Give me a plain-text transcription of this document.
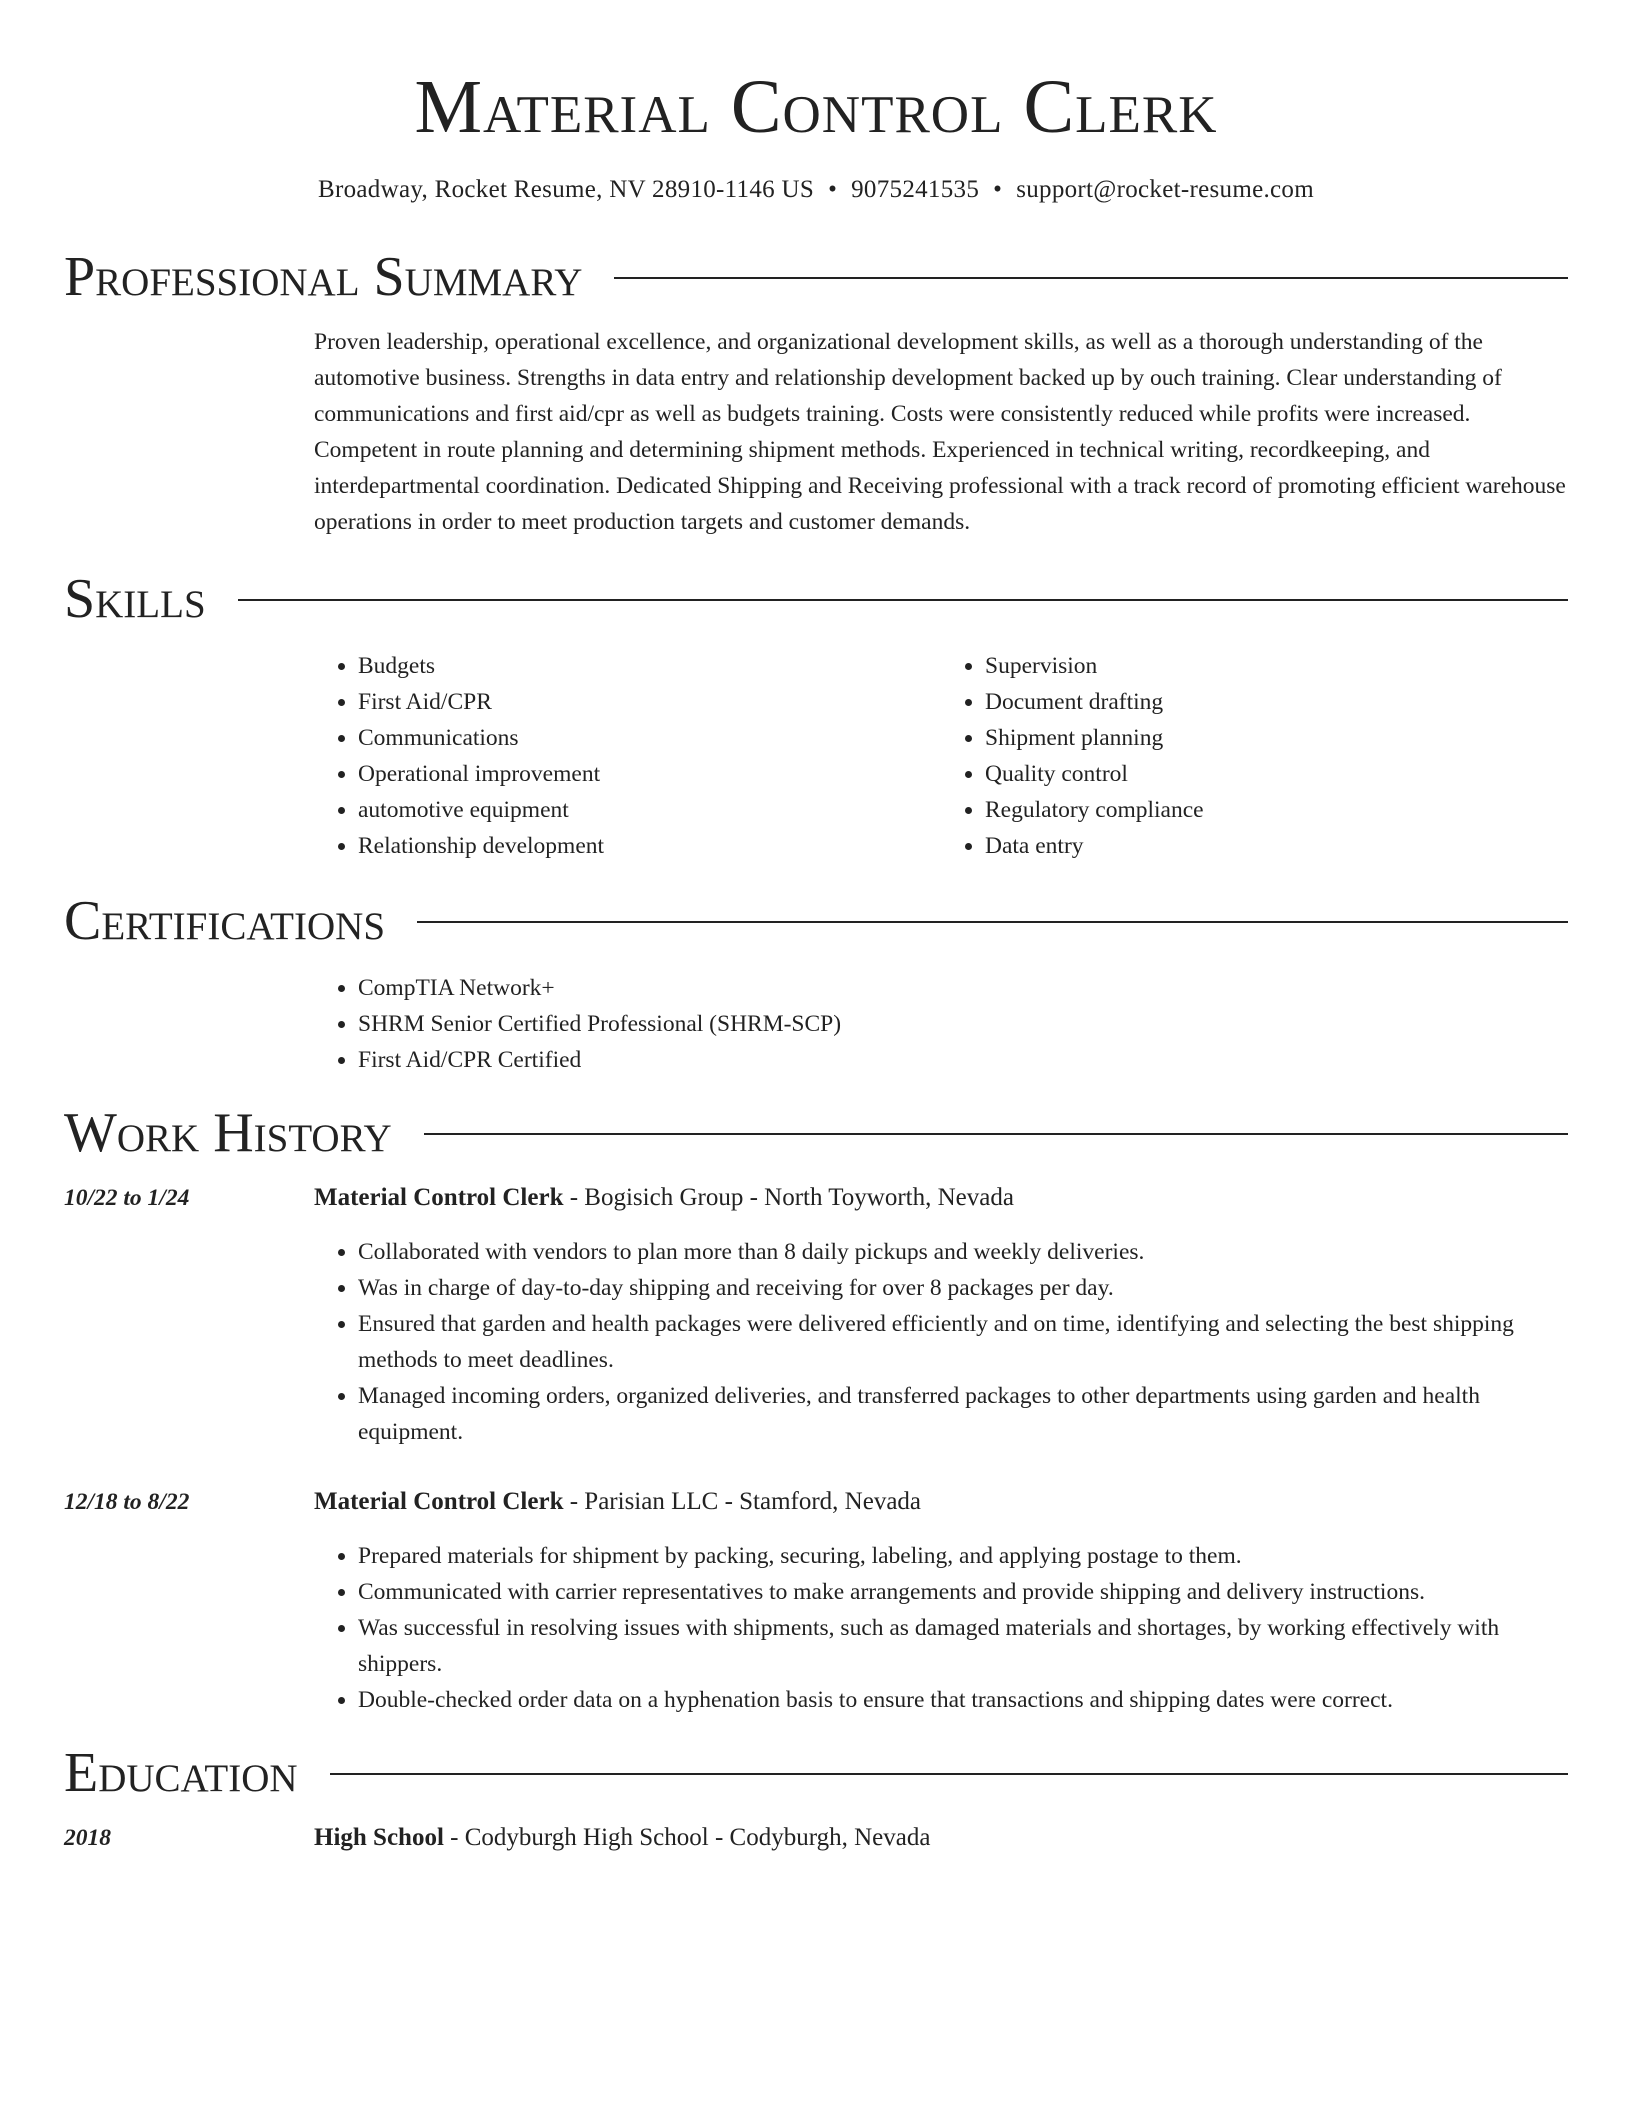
Material Control Clerk
Broadway, Rocket Resume, NV 28910-1146 US • 9075241535 • support@rocket-resume.com
Professional Summary

Proven leadership, operational excellence, and organizational development skills, as well as a thorough understanding of the automotive business. Strengths in data entry and relationship development backed up by ouch training. Clear understanding of communications and first aid/cpr as well as budgets training. Costs were consistently reduced while profits were increased. Competent in route planning and determining shipment methods. Experienced in technical writing, recordkeeping, and interdepartmental coordination. Dedicated Shipping and Receiving professional with a track record of promoting efficient warehouse operations in order to meet production targets and customer demands.

Skills
• Budgets
• First Aid/CPR
• Communications
• Operational improvement
• automotive equipment
• Relationship development
• Supervision
• Document drafting
• Shipment planning
• Quality control
• Regulatory compliance
• Data entry
Certifications
• CompTIA Network+
• SHRM Senior Certified Professional (SHRM-SCP)
• First Aid/CPR Certified
Work History
10/22 to 1/24	Material Control Clerk - Bogisich Group - North Toyworth, Nevada
• Collaborated with vendors to plan more than 8 daily pickups and weekly deliveries.
• Was in charge of day-to-day shipping and receiving for over 8 packages per day.
• Ensured that garden and health packages were delivered efficiently and on time, identifying and selecting the best shipping methods to meet deadlines.
• Managed incoming orders, organized deliveries, and transferred packages to other departments using garden and health equipment.
12/18 to 8/22	Material Control Clerk - Parisian LLC - Stamford, Nevada
• Prepared materials for shipment by packing, securing, labeling, and applying postage to them.
• Communicated with carrier representatives to make arrangements and provide shipping and delivery instructions.
• Was successful in resolving issues with shipments, such as damaged materials and shortages, by working effectively with shippers.
• Double-checked order data on a hyphenation basis to ensure that transactions and shipping dates were correct.
Education
2018	High School - Codyburgh High School - Codyburgh, Nevada
